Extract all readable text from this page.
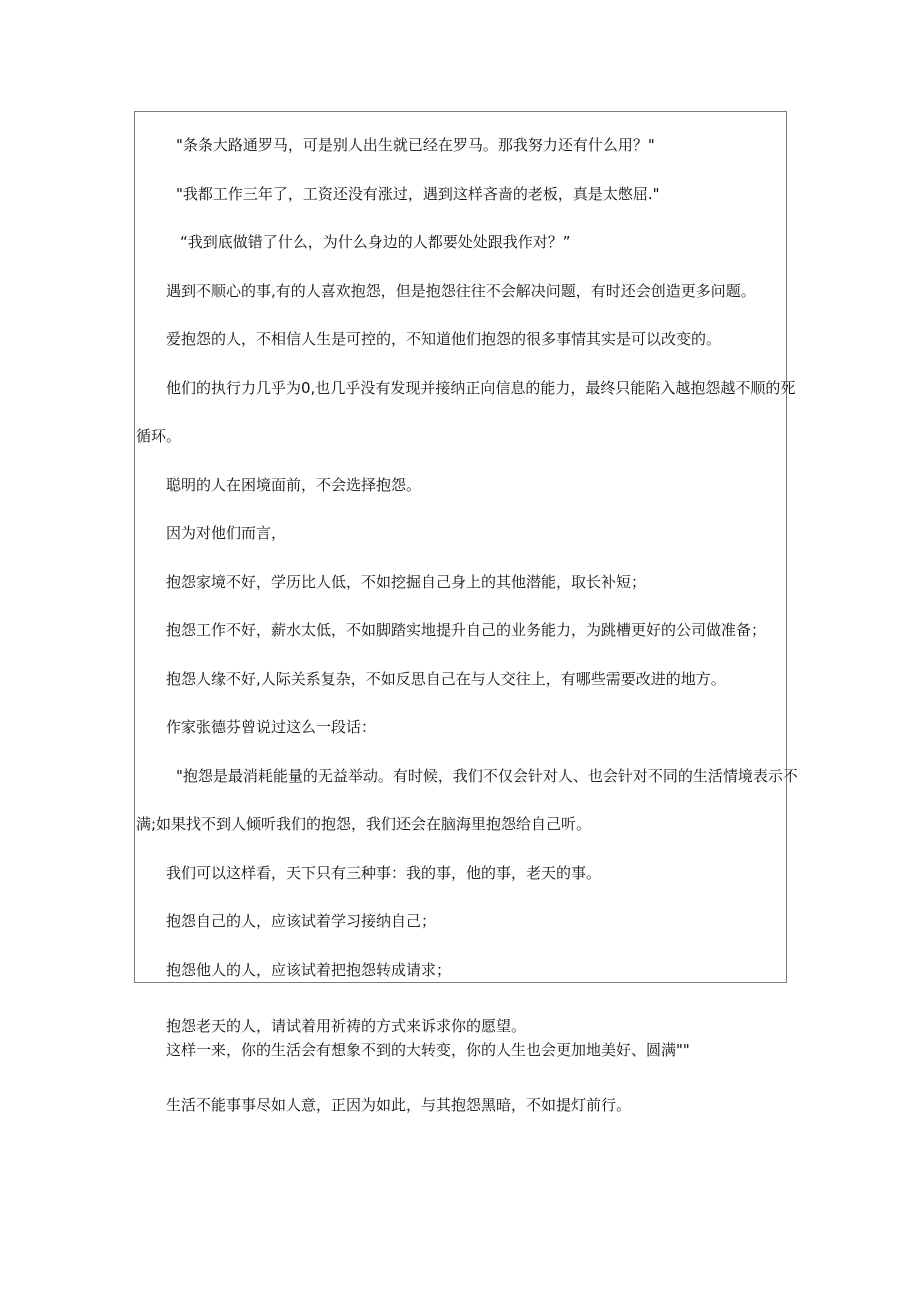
"条条大路通罗马，可是别人出生就已经在罗马。那我努力还有什么用？"
"我都工作三年了，工资还没有涨过，遇到这样吝啬的老板，真是太憋屈."
“我到底做错了什么，为什么身边的人都要处处跟我作对？”
遇到不顺心的事,有的人喜欢抱怨，但是抱怨往往不会解决问题，有时还会创造更多问题。
爱抱怨的人，不相信人生是可控的，不知道他们抱怨的很多事情其实是可以改变的。
他们的执行力几乎为0,也几乎没有发现并接纳正向信息的能力，最终只能陷入越抱怨越不顺的死
循环。
聪明的人在困境面前，不会选择抱怨。
因为对他们而言，
抱怨家境不好，学历比人低，不如挖掘自己身上的其他潜能，取长补短；
抱怨工作不好，薪水太低，不如脚踏实地提升自己的业务能力，为跳槽更好的公司做准备；
抱怨人缘不好,人际关系复杂，不如反思自己在与人交往上，有哪些需要改进的地方。
作家张德芬曾说过这么一段话：
"抱怨是最消耗能量的无益举动。有时候，我们不仅会针对人、也会针对不同的生活情境表示不
满;如果找不到人倾听我们的抱怨，我们还会在脑海里抱怨给自己听。
我们可以这样看，天下只有三种事：我的事，他的事，老天的事。
抱怨自己的人，应该试着学习接纳自己；
抱怨他人的人，应该试着把抱怨转成请求；
抱怨老天的人，请试着用祈祷的方式来诉求你的愿望。
这样一来，你的生活会有想象不到的大转变，你的人生也会更加地美好、圆满""
生活不能事事尽如人意，正因为如此，与其抱怨黑暗，不如提灯前行。
